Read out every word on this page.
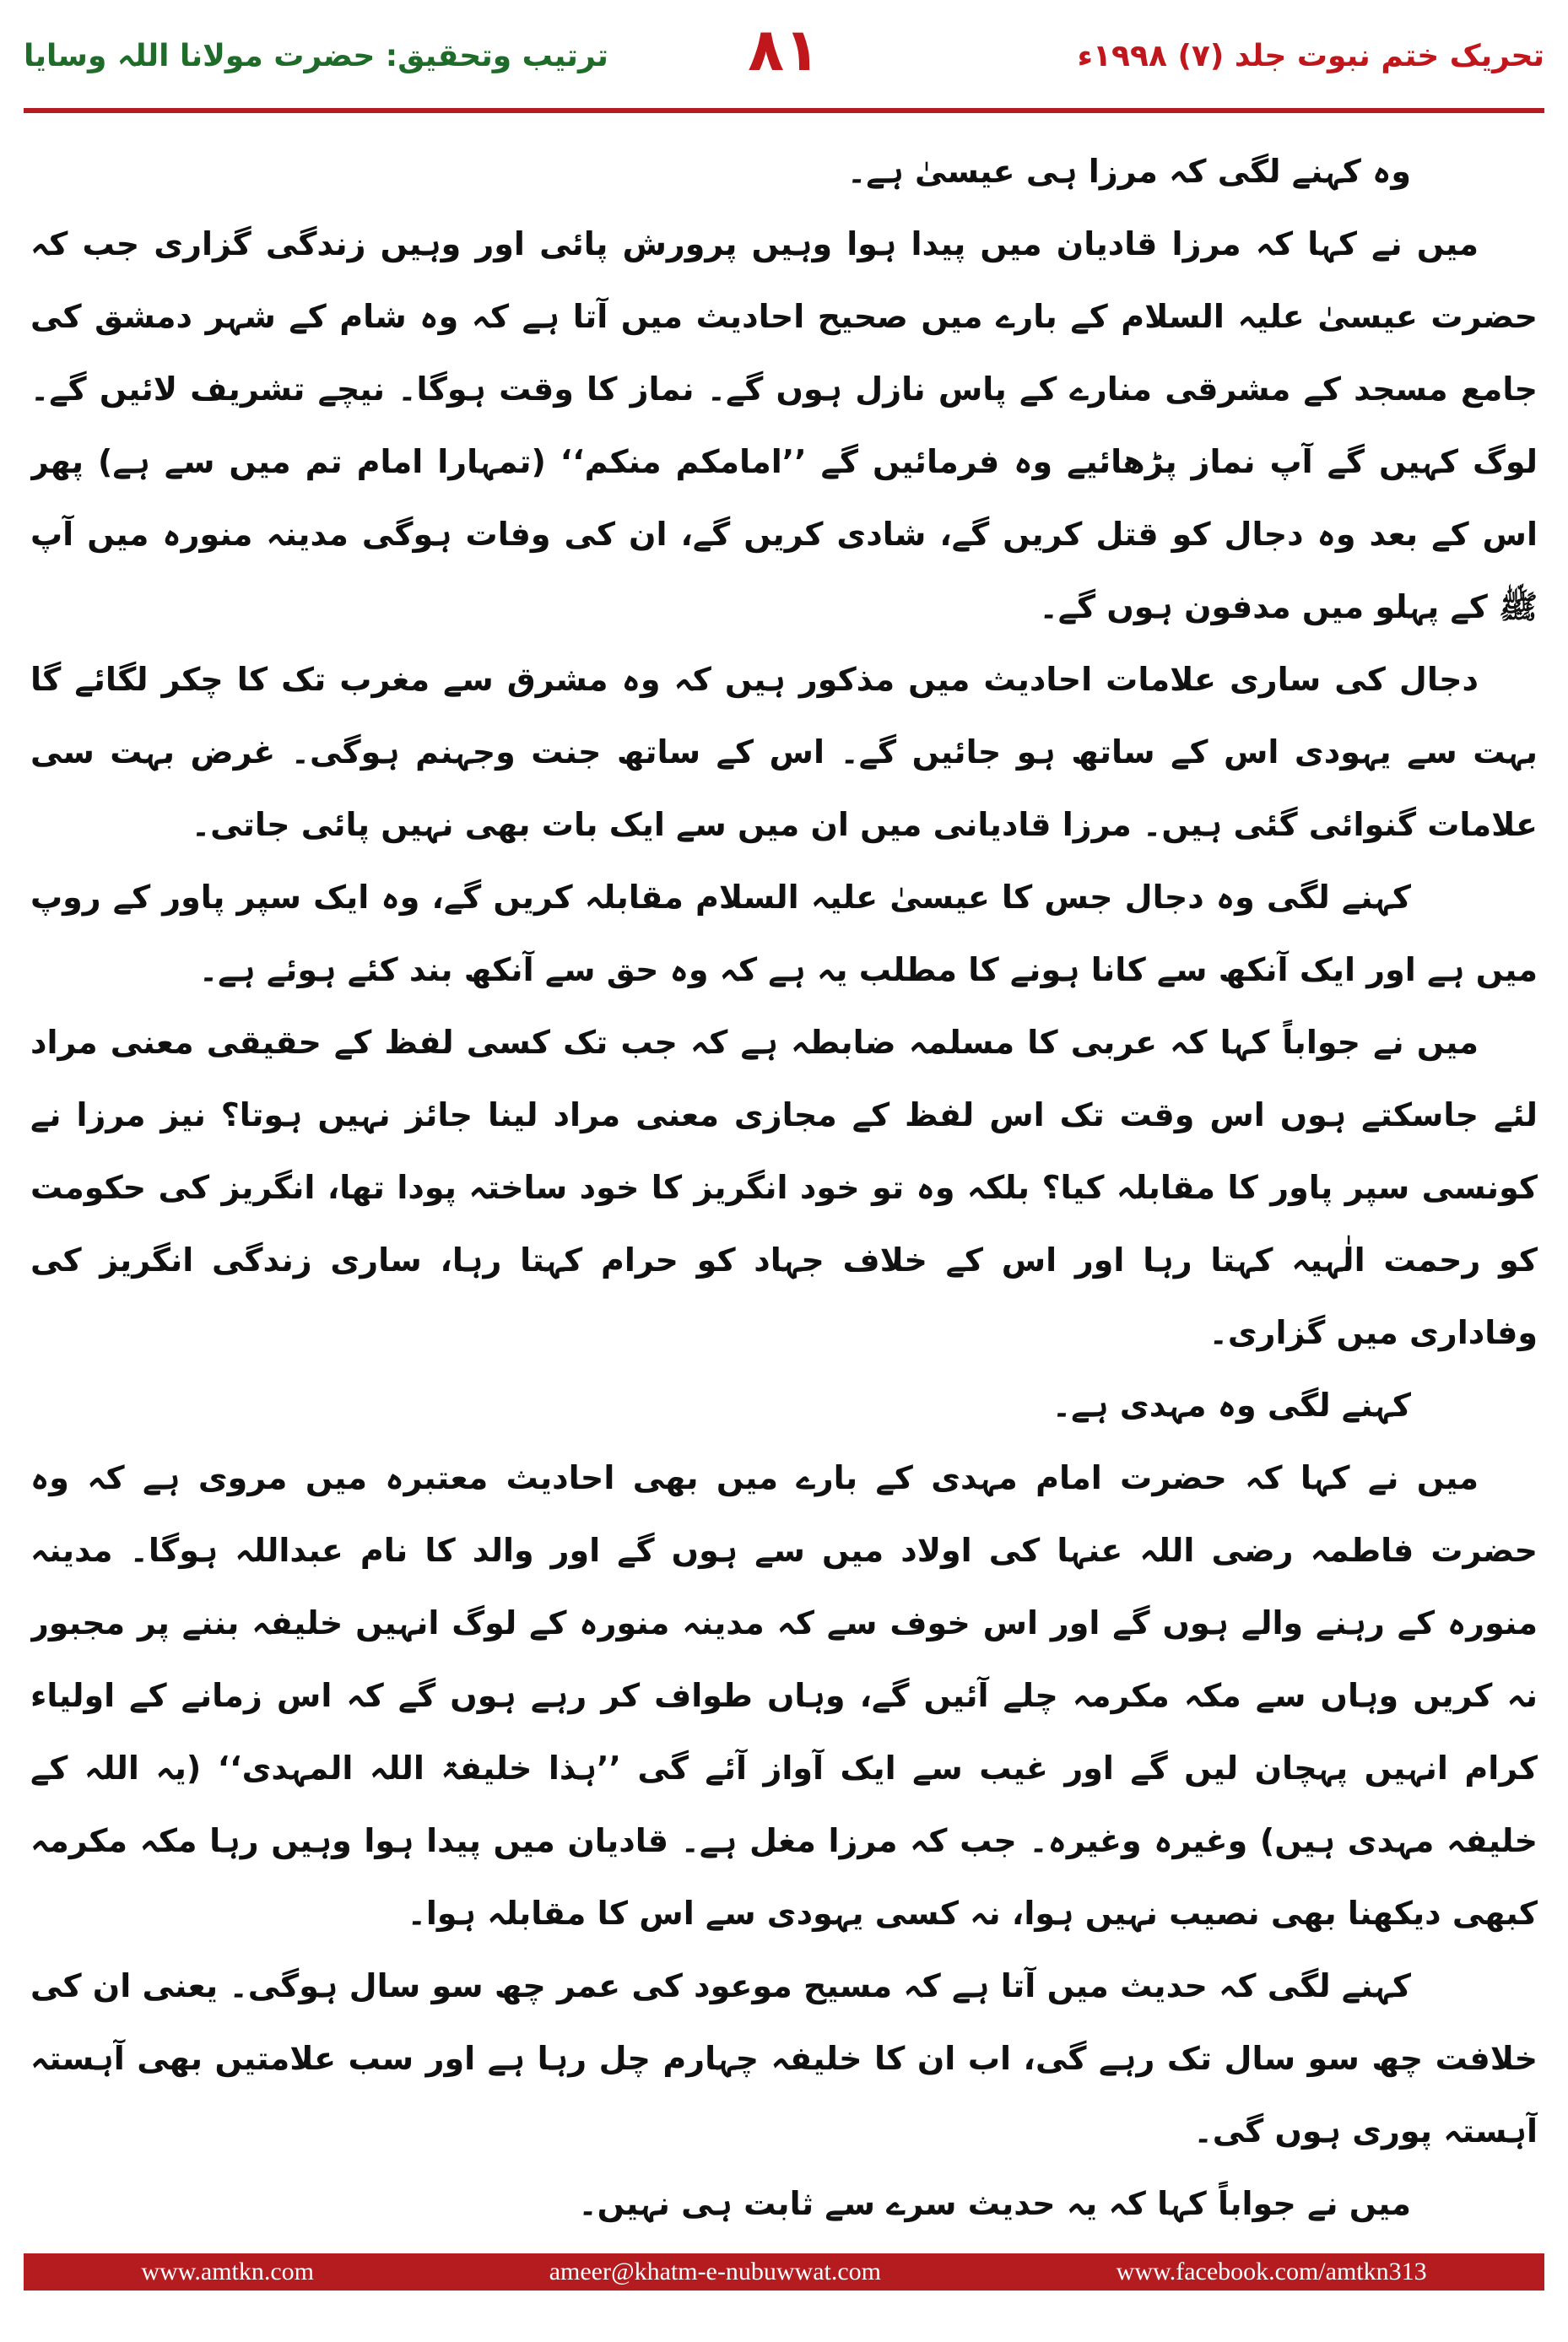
ترتیب وتحقیق: حضرت مولانا اللہ وسایا	۸۱	تحریک ختم نبوت جلد (۷) ۱۹۹۸ء

وہ کہنے لگی کہ مرزا ہی عیسیٰ ہے۔

میں نے کہا کہ مرزا قادیان میں پیدا ہوا وہیں پرورش پائی اور وہیں زندگی گزاری جب کہ حضرت عیسیٰ علیہ السلام کے بارے میں صحیح احادیث میں آتا ہے کہ وہ شام کے شہر دمشق کی جامع مسجد کے مشرقی منارے کے پاس نازل ہوں گے۔ نماز کا وقت ہوگا۔ نیچے تشریف لائیں گے۔ لوگ کہیں گے آپ نماز پڑھائیے وہ فرمائیں گے ’’امامکم منکم‘‘ (تمہارا امام تم میں سے ہے) پھر اس کے بعد وہ دجال کو قتل کریں گے، شادی کریں گے، ان کی وفات ہوگی مدینہ منورہ میں آپ ﷺ کے پہلو میں مدفون ہوں گے۔

دجال کی ساری علامات احادیث میں مذکور ہیں کہ وہ مشرق سے مغرب تک کا چکر لگائے گا بہت سے یہودی اس کے ساتھ ہو جائیں گے۔ اس کے ساتھ جنت وجہنم ہوگی۔ غرض بہت سی علامات گنوائی گئی ہیں۔ مرزا قادیانی میں ان میں سے ایک بات بھی نہیں پائی جاتی۔

کہنے لگی وہ دجال جس کا عیسیٰ علیہ السلام مقابلہ کریں گے، وہ ایک سپر پاور کے روپ میں ہے اور ایک آنکھ سے کانا ہونے کا مطلب یہ ہے کہ وہ حق سے آنکھ بند کئے ہوئے ہے۔

میں نے جواباً کہا کہ عربی کا مسلمہ ضابطہ ہے کہ جب تک کسی لفظ کے حقیقی معنی مراد لئے جاسکتے ہوں اس وقت تک اس لفظ کے مجازی معنی مراد لینا جائز نہیں ہوتا؟ نیز مرزا نے کونسی سپر پاور کا مقابلہ کیا؟ بلکہ وہ تو خود انگریز کا خود ساختہ پودا تھا، انگریز کی حکومت کو رحمت الٰہیہ کہتا رہا اور اس کے خلاف جہاد کو حرام کہتا رہا، ساری زندگی انگریز کی وفاداری میں گزاری۔

کہنے لگی وہ مہدی ہے۔

میں نے کہا کہ حضرت امام مہدی کے بارے میں بھی احادیث معتبرہ میں مروی ہے کہ وہ حضرت فاطمہ رضی اللہ عنہا کی اولاد میں سے ہوں گے اور والد کا نام عبداللہ ہوگا۔ مدینہ منورہ کے رہنے والے ہوں گے اور اس خوف سے کہ مدینہ منورہ کے لوگ انہیں خلیفہ بننے پر مجبور نہ کریں وہاں سے مکہ مکرمہ چلے آئیں گے، وہاں طواف کر رہے ہوں گے کہ اس زمانے کے اولیاء کرام انہیں پہچان لیں گے اور غیب سے ایک آواز آئے گی ’’ہذا خلیفۃ اللہ المہدی‘‘ (یہ اللہ کے خلیفہ مہدی ہیں) وغیرہ وغیرہ۔ جب کہ مرزا مغل ہے۔ قادیان میں پیدا ہوا وہیں رہا مکہ مکرمہ کبھی دیکھنا بھی نصیب نہیں ہوا، نہ کسی یہودی سے اس کا مقابلہ ہوا۔

کہنے لگی کہ حدیث میں آتا ہے کہ مسیح موعود کی عمر چھ سو سال ہوگی۔ یعنی ان کی خلافت چھ سو سال تک رہے گی، اب ان کا خلیفہ چہارم چل رہا ہے اور سب علامتیں بھی آہستہ آہستہ پوری ہوں گی۔

میں نے جواباً کہا کہ یہ حدیث سرے سے ثابت ہی نہیں۔

www.amtkn.com	ameer@khatm-e-nubuwwat.com	www.facebook.com/amtkn313
